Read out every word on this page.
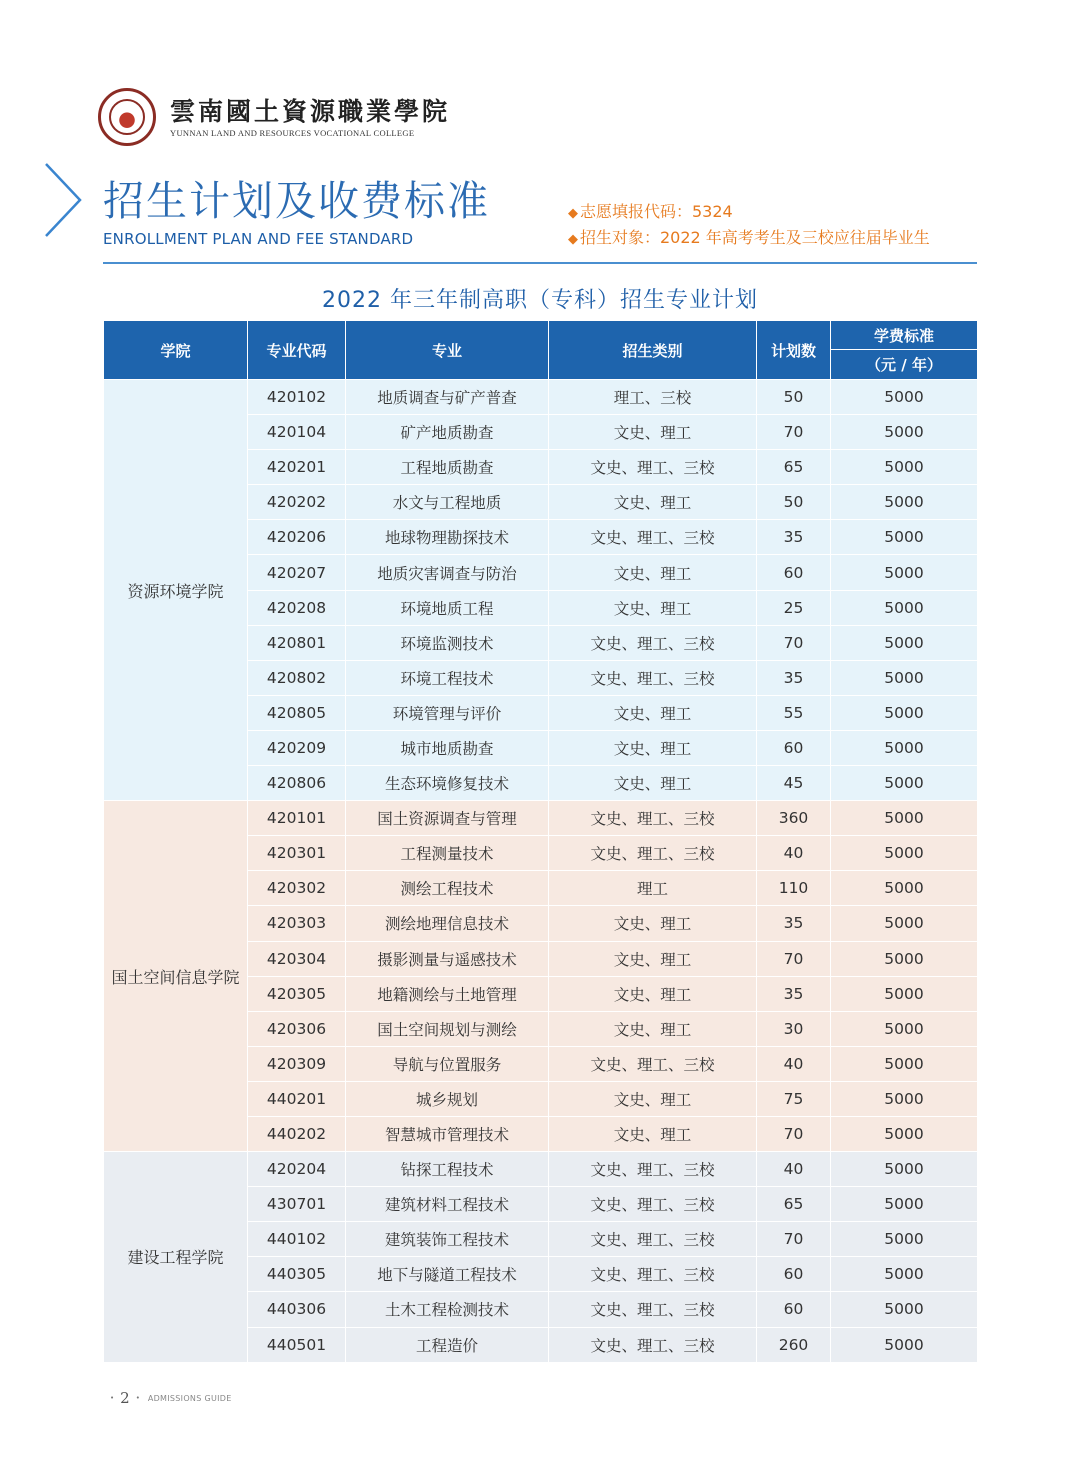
雲南國土資源職業學院
YUNNAN LAND AND RESOURCES VOCATIONAL COLLEGE
招生计划及收费标准
ENROLLMENT PLAN AND FEE STANDARD
◆ 志愿填报代码：5324
◆ 招生对象：2022 年高考考生及三校应往届毕业生
2022 年三年制高职（专科）招生专业计划
学院	专业代码	专业	招生类别	计划数	学费标准
					（元 / 年）
资源环境学院	420102	地质调查与矿产普查	理工、三校	50	5000
	420104	矿产地质勘查	文史、理工	70	5000
	420201	工程地质勘查	文史、理工、三校	65	5000
	420202	水文与工程地质	文史、理工	50	5000
	420206	地球物理勘探技术	文史、理工、三校	35	5000
	420207	地质灾害调查与防治	文史、理工	60	5000
	420208	环境地质工程	文史、理工	25	5000
	420801	环境监测技术	文史、理工、三校	70	5000
	420802	环境工程技术	文史、理工、三校	35	5000
	420805	环境管理与评价	文史、理工	55	5000
	420209	城市地质勘查	文史、理工	60	5000
	420806	生态环境修复技术	文史、理工	45	5000
国土空间信息学院	420101	国土资源调查与管理	文史、理工、三校	360	5000
	420301	工程测量技术	文史、理工、三校	40	5000
	420302	测绘工程技术	理工	110	5000
	420303	测绘地理信息技术	文史、理工	35	5000
	420304	摄影测量与遥感技术	文史、理工	70	5000
	420305	地籍测绘与土地管理	文史、理工	35	5000
	420306	国土空间规划与测绘	文史、理工	30	5000
	420309	导航与位置服务	文史、理工、三校	40	5000
	440201	城乡规划	文史、理工	75	5000
	440202	智慧城市管理技术	文史、理工	70	5000
建设工程学院	420204	钻探工程技术	文史、理工、三校	40	5000
	430701	建筑材料工程技术	文史、理工、三校	65	5000
	440102	建筑装饰工程技术	文史、理工、三校	70	5000
	440305	地下与隧道工程技术	文史、理工、三校	60	5000
	440306	土木工程检测技术	文史、理工、三校	60	5000
	440501	工程造价	文史、理工、三校	260	5000
• 2 • ADMISSIONS GUIDE
